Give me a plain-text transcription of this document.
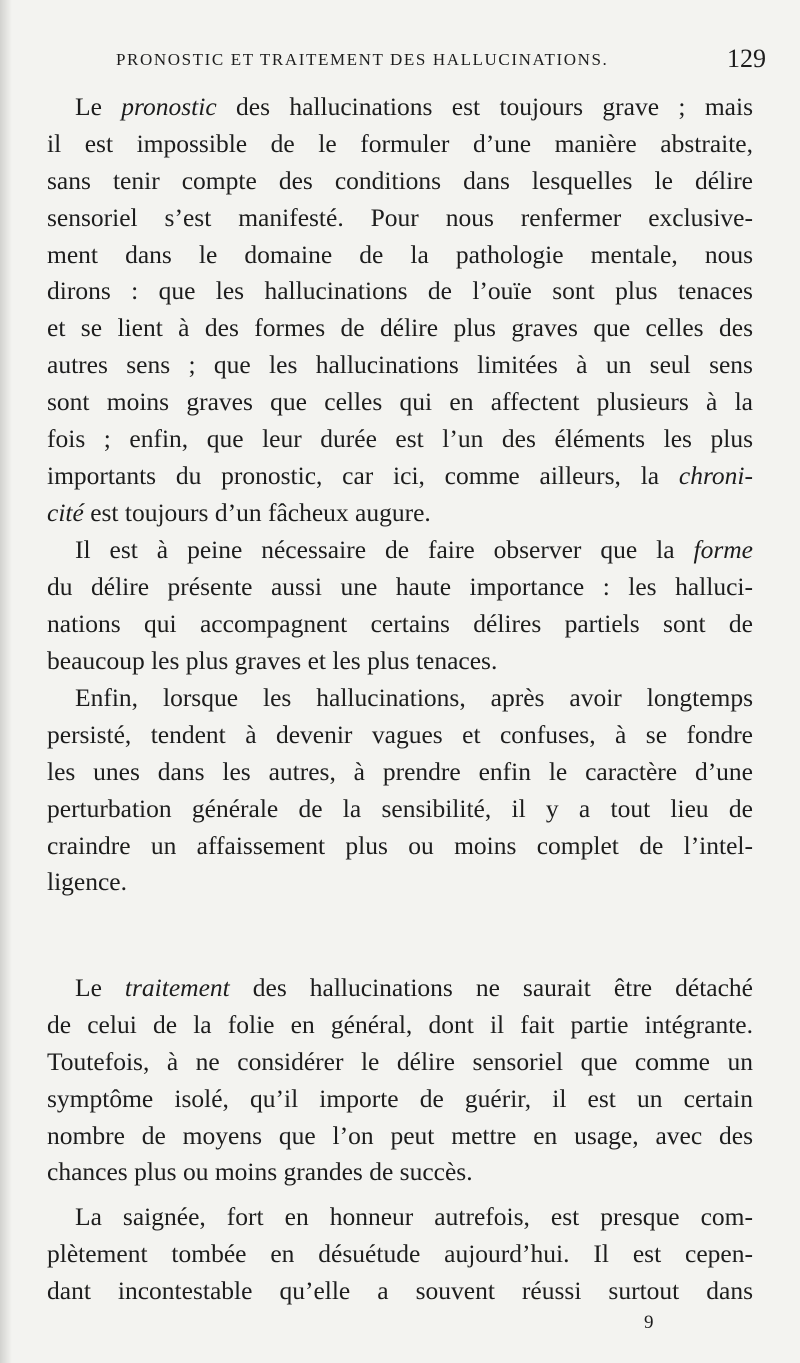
PRONOSTIC ET TRAITEMENT DES HALLUCINATIONS.	129
Le pronostic des hallucinations est toujours grave ; mais
il est impossible de le formuler d’une manière abstraite,
sans tenir compte des conditions dans lesquelles le délire
sensoriel s’est manifesté. Pour nous renfermer exclusive-
ment dans le domaine de la pathologie mentale, nous
dirons : que les hallucinations de l’ouïe sont plus tenaces
et se lient à des formes de délire plus graves que celles des
autres sens ; que les hallucinations limitées à un seul sens
sont moins graves que celles qui en affectent plusieurs à la
fois ; enfin, que leur durée est l’un des éléments les plus
importants du pronostic, car ici, comme ailleurs, la chroni-
cité est toujours d’un fâcheux augure.
Il est à peine nécessaire de faire observer que la forme
du délire présente aussi une haute importance : les halluci-
nations qui accompagnent certains délires partiels sont de
beaucoup les plus graves et les plus tenaces.
Enfin, lorsque les hallucinations, après avoir longtemps
persisté, tendent à devenir vagues et confuses, à se fondre
les unes dans les autres, à prendre enfin le caractère d’une
perturbation générale de la sensibilité, il y a tout lieu de
craindre un affaissement plus ou moins complet de l’intel-
ligence.
Le traitement des hallucinations ne saurait être détaché
de celui de la folie en général, dont il fait partie intégrante.
Toutefois, à ne considérer le délire sensoriel que comme un
symptôme isolé, qu’il importe de guérir, il est un certain
nombre de moyens que l’on peut mettre en usage, avec des
chances plus ou moins grandes de succès.
La saignée, fort en honneur autrefois, est presque com-
plètement tombée en désuétude aujourd’hui. Il est cepen-
dant incontestable qu’elle a souvent réussi surtout dans
9
